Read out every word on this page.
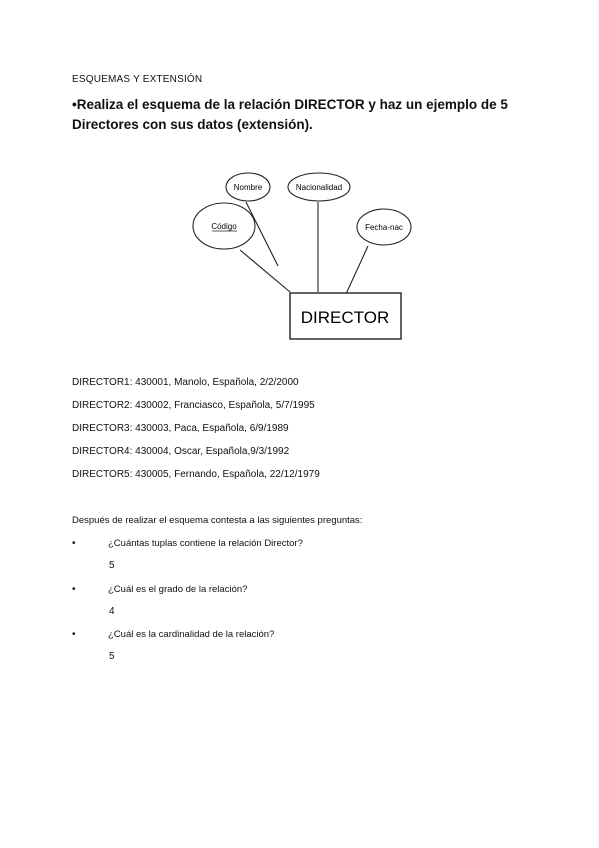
ESQUEMAS Y EXTENSIÓN
•Realiza el esquema de la relación DIRECTOR y haz un ejemplo de 5 Directores con sus datos (extensión).
Nombre	Nacionalidad
Código	Fecha-nac
DIRECTOR
DIRECTOR1: 430001, Manolo, Española, 2/2/2000
DIRECTOR2: 430002, Franciasco, Española, 5/7/1995
DIRECTOR3: 430003, Paca, Española, 6/9/1989
DIRECTOR4: 430004, Oscar, Española,9/3/1992
DIRECTOR5: 430005, Fernando, Española, 22/12/1979
Después de realizar el esquema contesta a las siguientes preguntas:
•	¿Cuántas tuplas contiene la relación Director?
5
•	¿Cuál es el grado de la relación?
4
•	¿Cuál es la cardinalidad de la relación?
5
